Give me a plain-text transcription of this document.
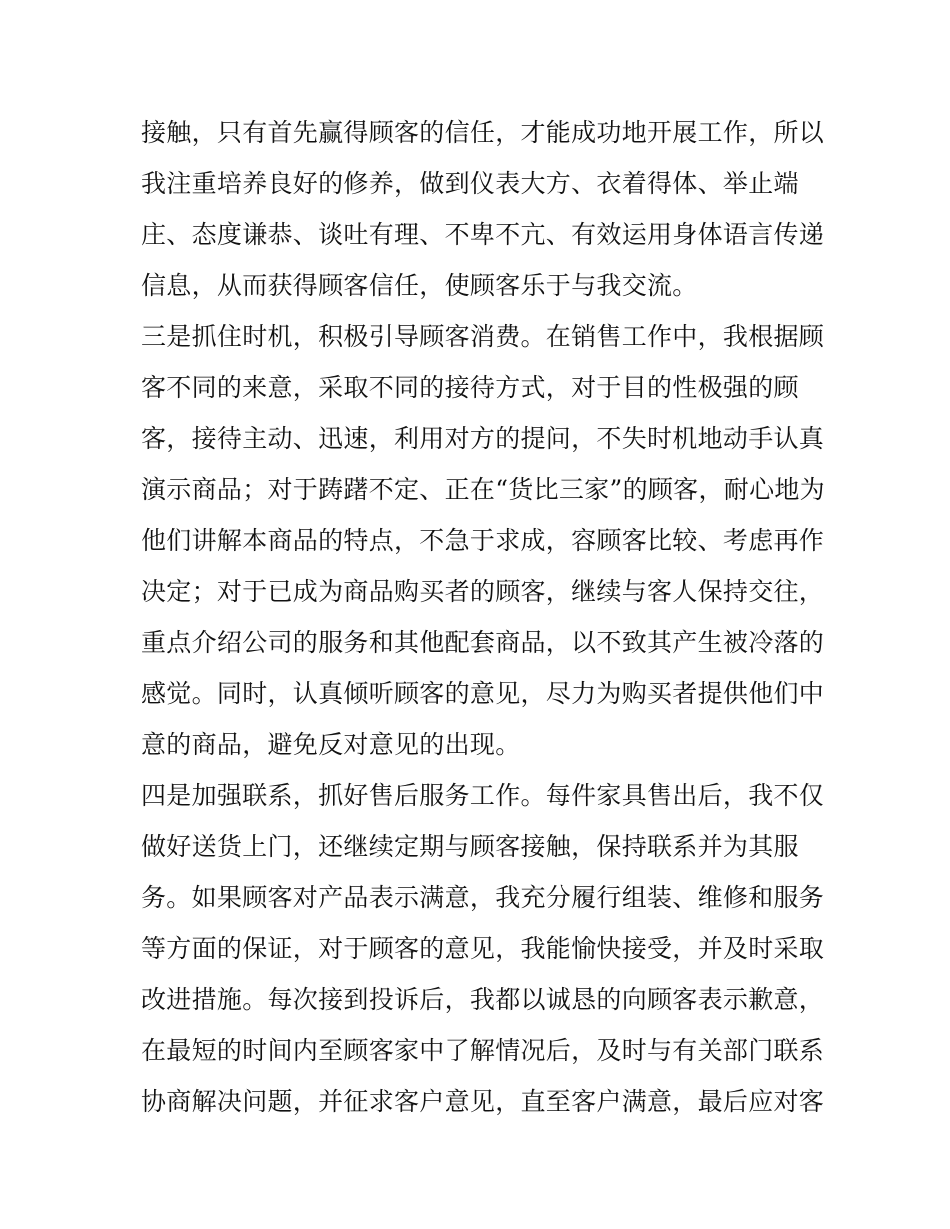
接触，只有首先赢得顾客的信任，才能成功地开展工作，所以
我注重培养良好的修养，做到仪表大方、衣着得体、举止端
庄、态度谦恭、谈吐有理、不卑不亢、有效运用身体语言传递
信息，从而获得顾客信任，使顾客乐于与我交流。
三是抓住时机，积极引导顾客消费。在销售工作中，我根据顾
客不同的来意，采取不同的接待方式，对于目的性极强的顾
客，接待主动、迅速，利用对方的提问，不失时机地动手认真
演示商品；对于踌躇不定、正在“货比三家”的顾客，耐心地为
他们讲解本商品的特点，不急于求成，容顾客比较、考虑再作
决定；对于已成为商品购买者的顾客，继续与客人保持交往，
重点介绍公司的服务和其他配套商品，以不致其产生被冷落的
感觉。同时，认真倾听顾客的意见，尽力为购买者提供他们中
意的商品，避免反对意见的出现。
四是加强联系，抓好售后服务工作。每件家具售出后，我不仅
做好送货上门，还继续定期与顾客接触，保持联系并为其服
务。如果顾客对产品表示满意，我充分履行组装、维修和服务
等方面的保证，对于顾客的意见，我能愉快接受，并及时采取
改进措施。每次接到投诉后，我都以诚恳的向顾客表示歉意，
在最短的时间内至顾客家中了解情况后，及时与有关部门联系
协商解决问题，并征求客户意见，直至客户满意，最后应对客
